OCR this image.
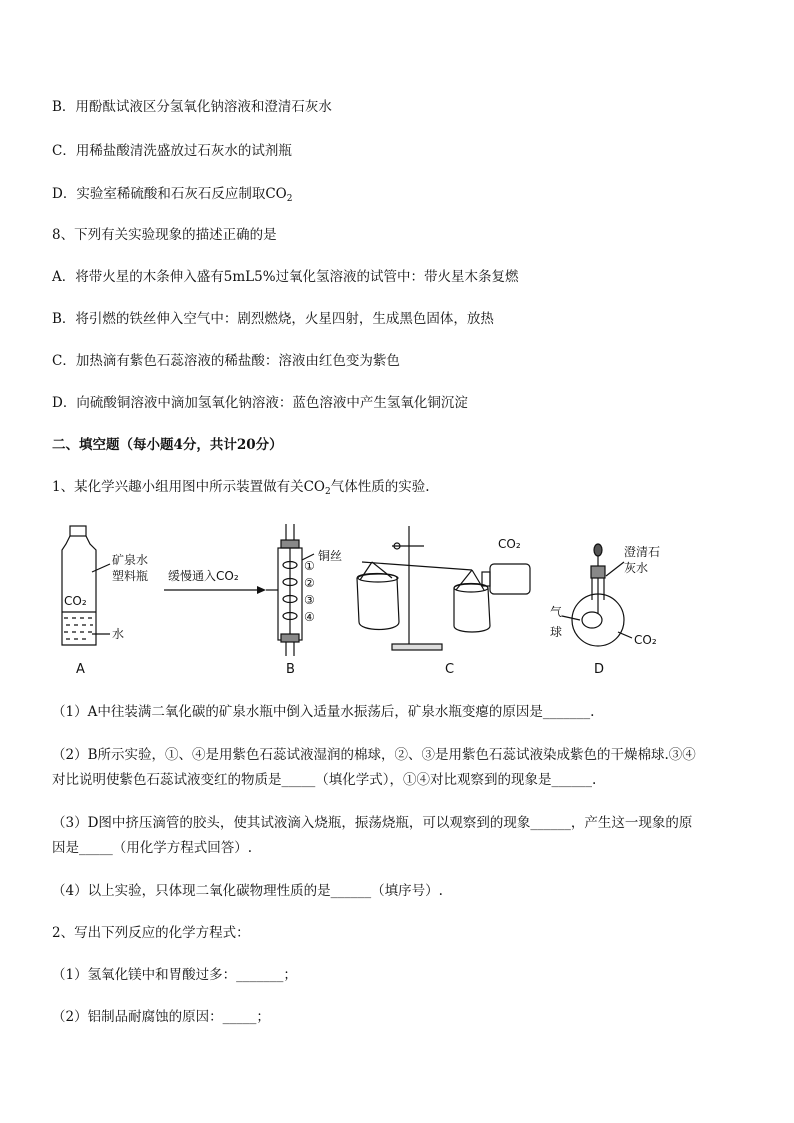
B．用酚酞试液区分氢氧化钠溶液和澄清石灰水
C．用稀盐酸清洗盛放过石灰水的试剂瓶
D．实验室稀硫酸和石灰石反应制取$CO_2$
8、下列有关实验现象的描述正确的是
A．将带火星的木条伸入盛有5mL5%过氧化氢溶液的试管中：带火星木条复燃
B．将引燃的铁丝伸入空气中：剧烈燃烧，火星四射，生成黑色固体，放热
C．加热滴有紫色石蕊溶液的稀盐酸：溶液由红色变为紫色
D．向硫酸铜溶液中滴加氢氧化钠溶液：蓝色溶液中产生氢氧化铜沉淀
二、填空题（每小题4分，共计20分）
1、某化学兴趣小组用图中所示装置做有关$CO_2$气体性质的实验.
矿泉水
塑料瓶
CO₂
水
缓慢通入CO₂
铜丝
①
②
③
④
CO₂
澄清石
灰水
气
球
CO₂
A	B	C	D
（1）A中往装满二氧化碳的矿泉水瓶中倒入适量水振荡后，矿泉水瓶变瘪的原因是_______.
（2）B所示实验，①、④是用紫色石蕊试液湿润的棉球，②、③是用紫色石蕊试液染成紫色的干燥棉球.③④
对比说明使紫色石蕊试液变红的物质是_____（填化学式），①④对比观察到的现象是______.
（3）D图中挤压滴管的胶头，使其试液滴入烧瓶，振荡烧瓶，可以观察到的现象______，产生这一现象的原
因是_____（用化学方程式回答）.
（4）以上实验，只体现二氧化碳物理性质的是______（填序号）.
2、写出下列反应的化学方程式：
（1）氢氧化镁中和胃酸过多：_______；
（2）铝制品耐腐蚀的原因：_____；
